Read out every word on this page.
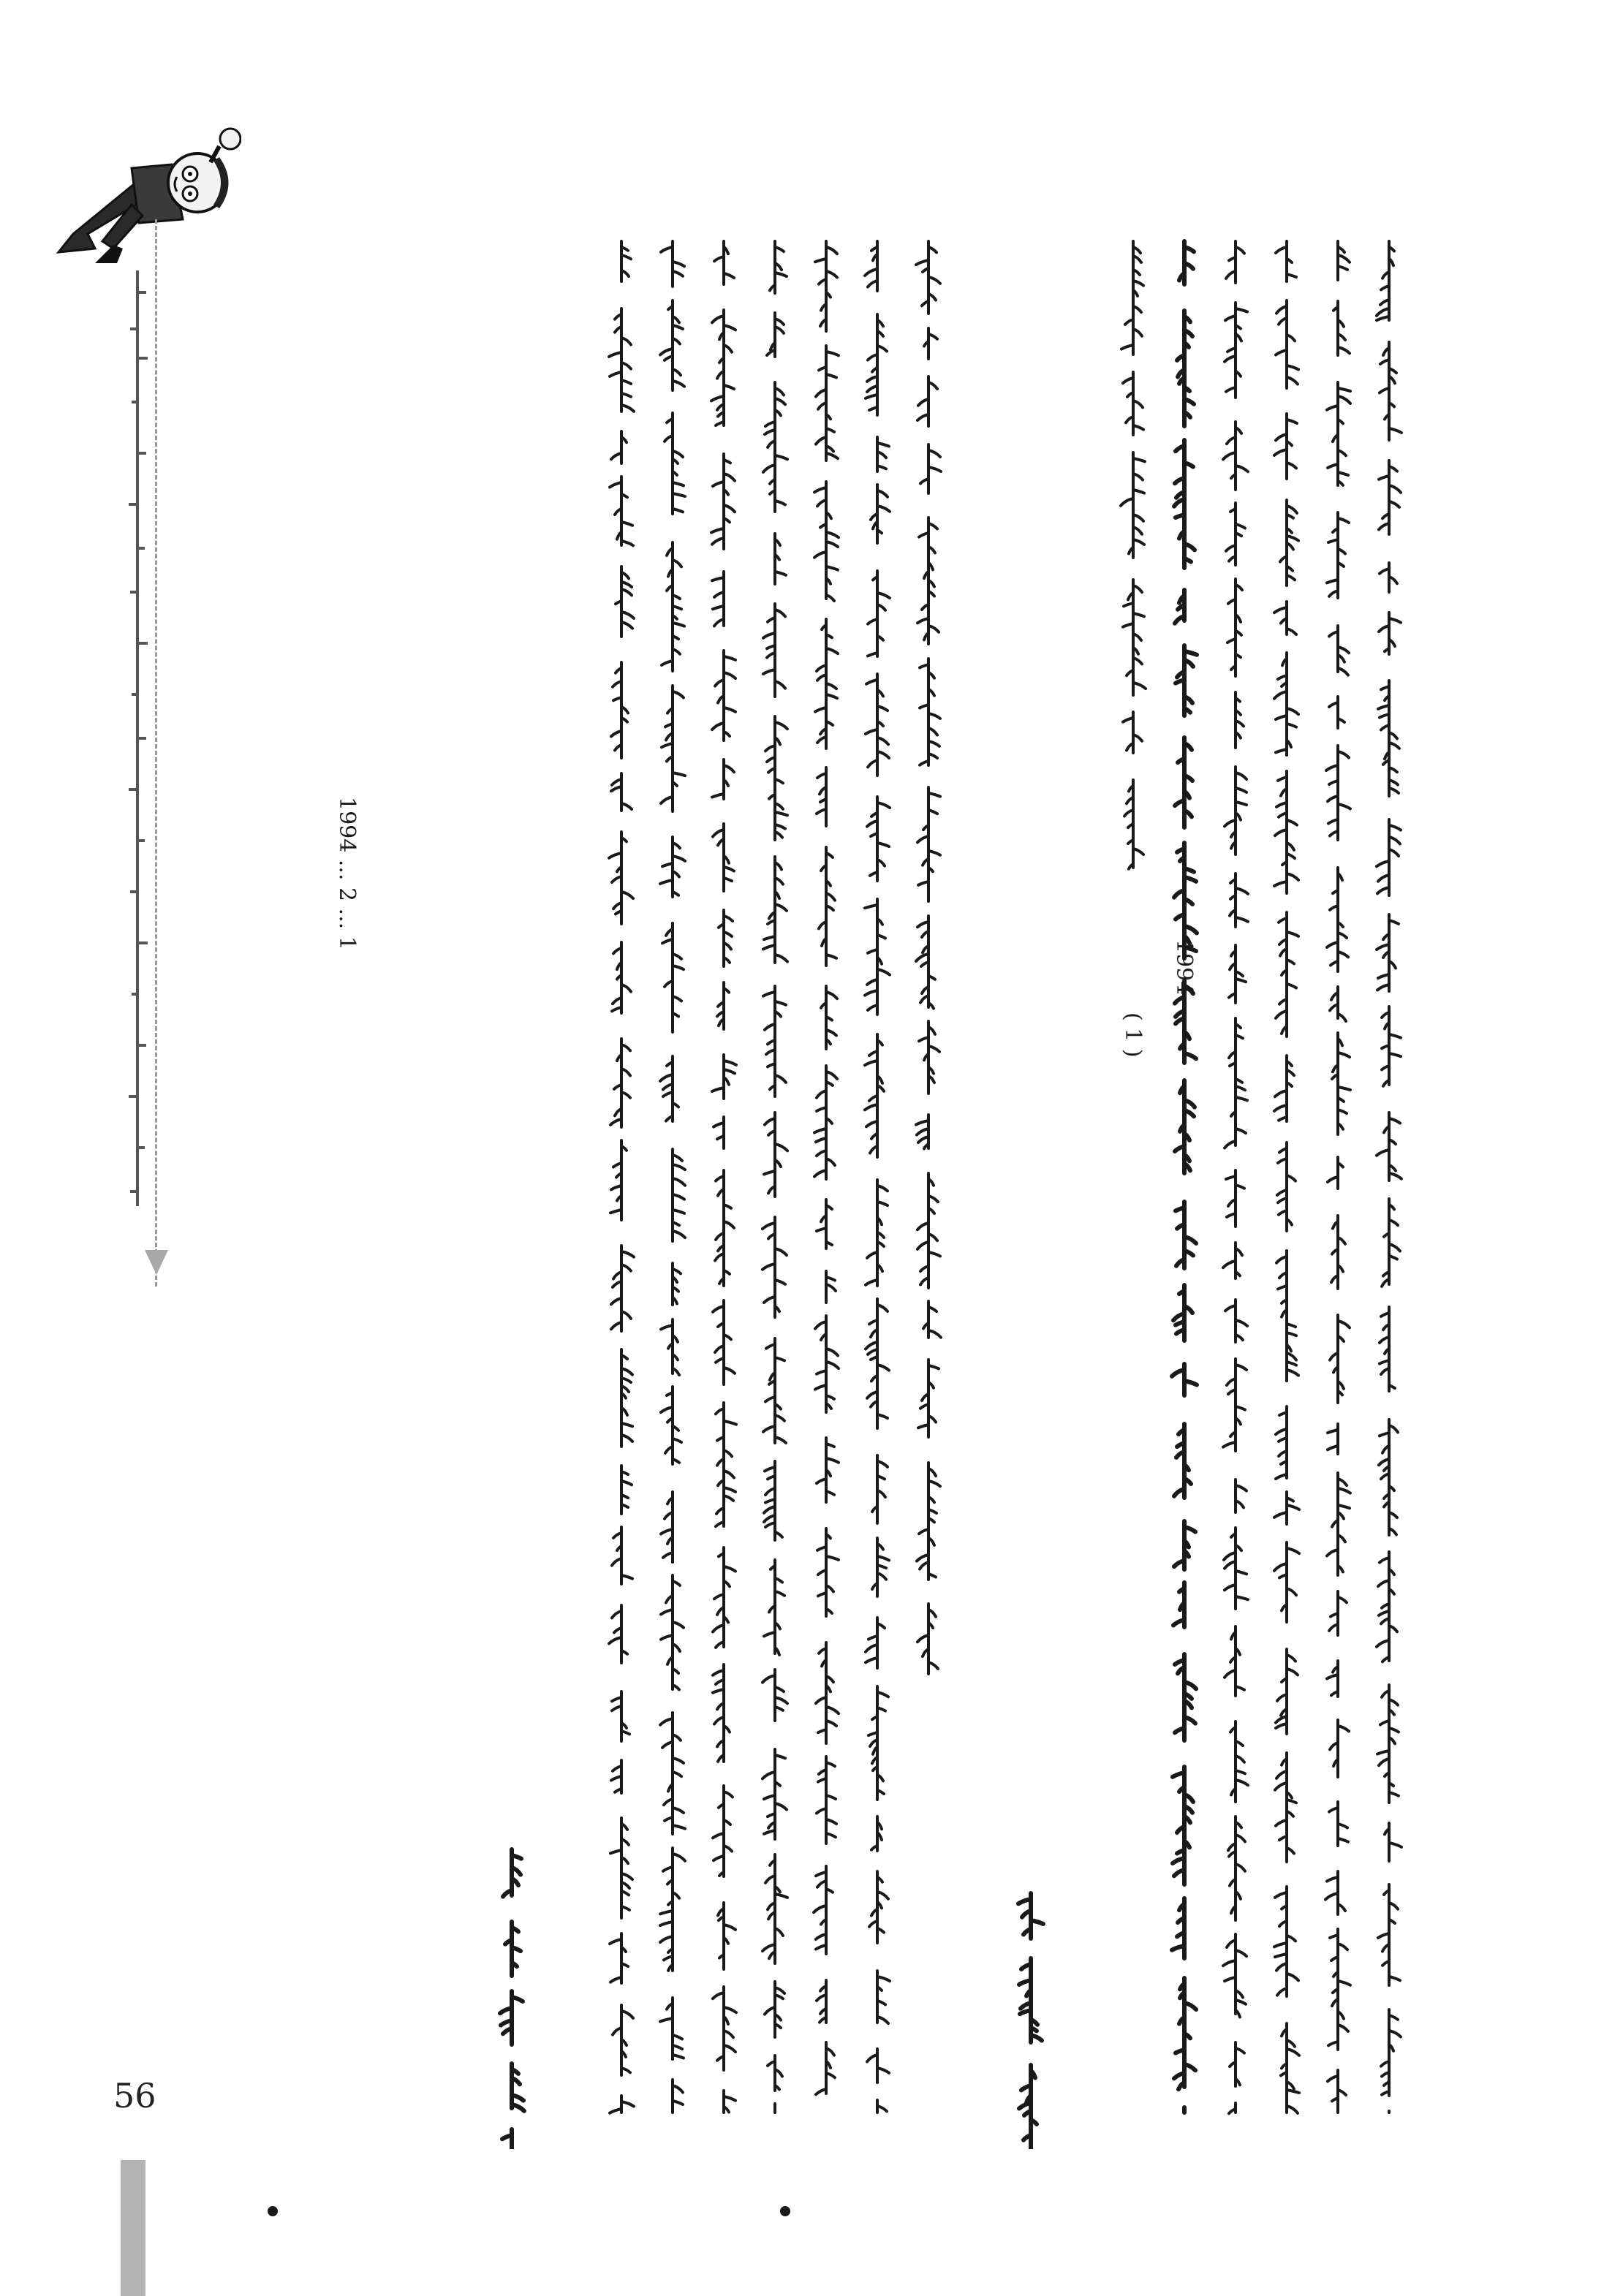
1994
( 1 )
1994 ... 2 ... 1
56
